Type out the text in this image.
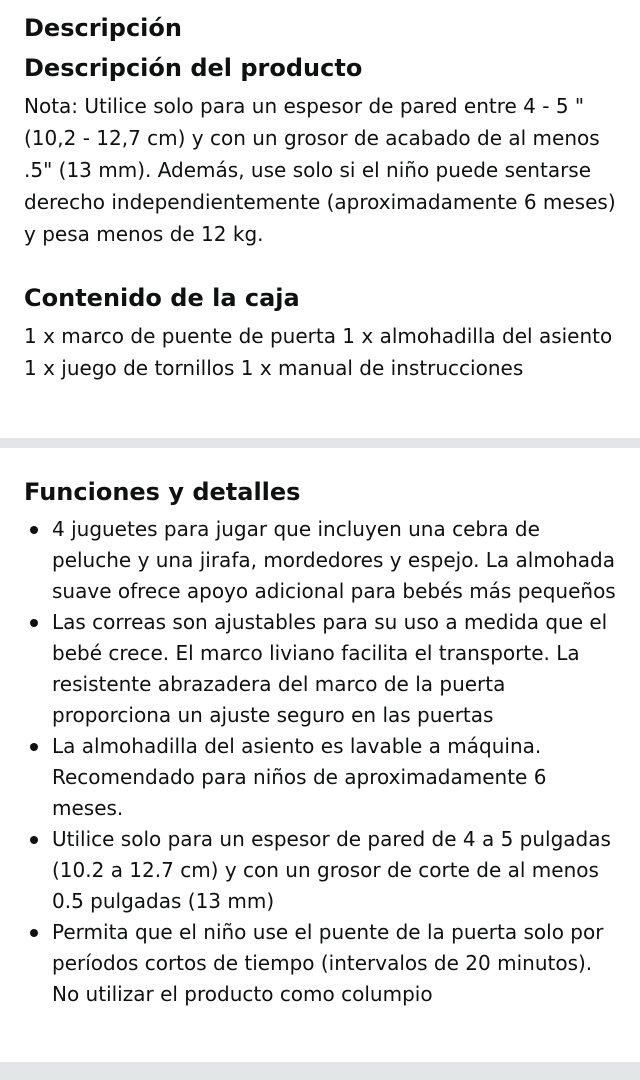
Descripción
Descripción del producto

Nota: Utilice solo para un espesor de pared entre 4 - 5 " (10,2 - 12,7 cm) y con un grosor de acabado de al menos .5" (13 mm). Además, use solo si el niño puede sentarse derecho independientemente (aproximadamente 6 meses) y pesa menos de 12 kg.

Contenido de la caja

1 x marco de puente de puerta 1 x almohadilla del asiento 1 x juego de tornillos 1 x manual de instrucciones

Funciones y detalles
4 juguetes para jugar que incluyen una cebra de peluche y una jirafa, mordedores y espejo. La almohada suave ofrece apoyo adicional para bebés más pequeños
Las correas son ajustables para su uso a medida que el bebé crece. El marco liviano facilita el transporte. La resistente abrazadera del marco de la puerta proporciona un ajuste seguro en las puertas
La almohadilla del asiento es lavable a máquina. Recomendado para niños de aproximadamente 6 meses.
Utilice solo para un espesor de pared de 4 a 5 pulgadas (10.2 a 12.7 cm) y con un grosor de corte de al menos 0.5 pulgadas (13 mm)
Permita que el niño use el puente de la puerta solo por períodos cortos de tiempo (intervalos de 20 minutos). No utilizar el producto como columpio
